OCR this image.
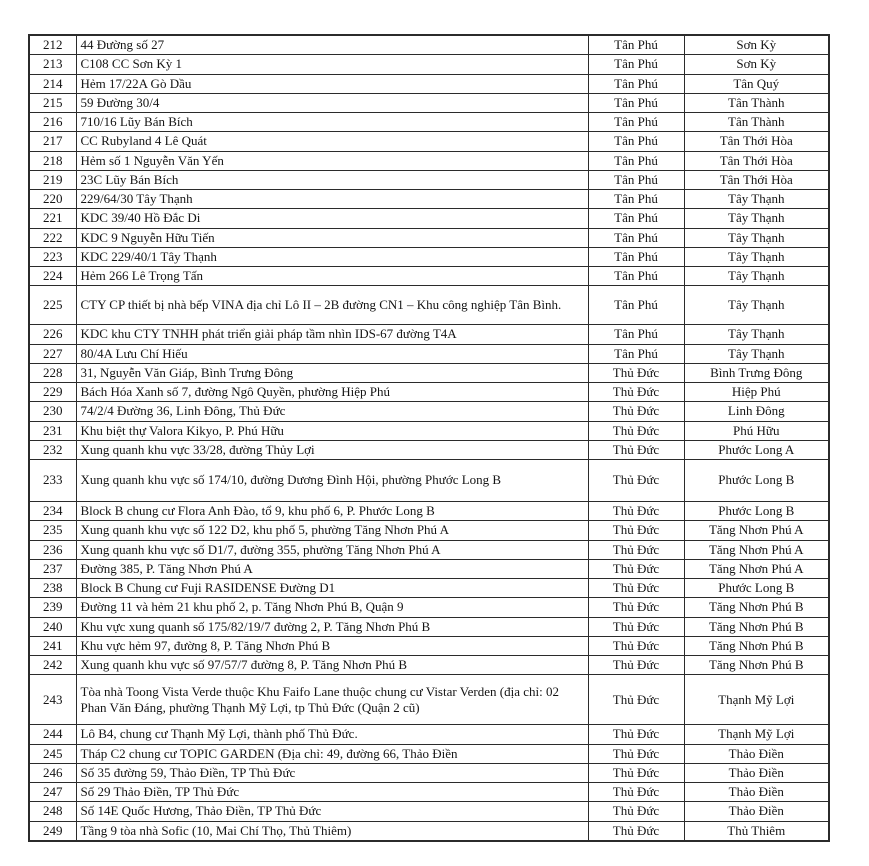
212	44 Đường số 27	Tân Phú	Sơn Kỳ
213	C108 CC Sơn Kỳ 1	Tân Phú	Sơn Kỳ
214	Hẻm 17/22A Gò Dầu	Tân Phú	Tân Quý
215	59 Đường 30/4	Tân Phú	Tân Thành
216	710/16 Lũy Bán Bích	Tân Phú	Tân Thành
217	CC Rubyland 4 Lê Quát	Tân Phú	Tân Thới Hòa
218	Hẻm số 1 Nguyễn Văn Yến	Tân Phú	Tân Thới Hòa
219	23C Lũy Bán Bích	Tân Phú	Tân Thới Hòa
220	229/64/30 Tây Thạnh	Tân Phú	Tây Thạnh
221	KDC 39/40 Hồ Đắc Di	Tân Phú	Tây Thạnh
222	KDC 9 Nguyễn Hữu Tiến	Tân Phú	Tây Thạnh
223	KDC 229/40/1 Tây Thạnh	Tân Phú	Tây Thạnh
224	Hẻm 266 Lê Trọng Tấn	Tân Phú	Tây Thạnh
225	CTY CP thiết bị nhà bếp VINA địa chỉ Lô II – 2B đường CN1 – Khu công nghiệp Tân Bình.	Tân Phú	Tây Thạnh
226	KDC khu CTY TNHH phát triển giải pháp tầm nhìn IDS-67 đường T4A	Tân Phú	Tây Thạnh
227	80/4A Lưu Chí Hiếu	Tân Phú	Tây Thạnh
228	31, Nguyễn Văn Giáp, Bình Trưng Đông	Thủ Đức	Bình Trưng Đông
229	Bách Hóa Xanh số 7, đường Ngô Quyền, phường Hiệp Phú	Thủ Đức	Hiệp Phú
230	74/2/4 Đường 36, Linh Đông, Thủ Đức	Thủ Đức	Linh Đông
231	Khu biệt thự Valora Kikyo, P. Phú Hữu	Thủ Đức	Phú Hữu
232	Xung quanh khu vực 33/28, đường Thủy Lợi	Thủ Đức	Phước Long A
233	Xung quanh khu vực số 174/10, đường Dương Đình Hội, phường Phước Long B	Thủ Đức	Phước Long B
234	Block B chung cư Flora Anh Đào, tổ 9, khu phố 6, P. Phước Long B	Thủ Đức	Phước Long B
235	Xung quanh khu vực số 122 D2, khu phố 5, phường Tăng Nhơn Phú A	Thủ Đức	Tăng Nhơn Phú A
236	Xung quanh khu vực số D1/7, đường 355, phường Tăng Nhơn Phú A	Thủ Đức	Tăng Nhơn Phú A
237	Đường 385, P. Tăng Nhơn Phú A	Thủ Đức	Tăng Nhơn Phú A
238	Block B Chung cư Fuji RASIDENSE Đường D1	Thủ Đức	Phước Long B
239	Đường 11 và hẻm 21 khu phố 2, p. Tăng Nhơn Phú B, Quận 9	Thủ Đức	Tăng Nhơn Phú B
240	Khu vực xung quanh số 175/82/19/7 đường 2, P. Tăng Nhơn Phú B	Thủ Đức	Tăng Nhơn Phú B
241	Khu vực hẻm 97, đường 8, P. Tăng Nhơn Phú B	Thủ Đức	Tăng Nhơn Phú B
242	Xung quanh khu vực số 97/57/7 đường 8, P. Tăng Nhơn Phú B	Thủ Đức	Tăng Nhơn Phú B
243	Tòa nhà Toong Vista Verde thuộc Khu Faifo Lane thuộc chung cư Vistar Verden (địa chỉ: 02 Phan Văn Đáng, phường Thạnh Mỹ Lợi, tp Thủ Đức (Quận 2 cũ)	Thủ Đức	Thạnh Mỹ Lợi
244	Lô B4, chung cư Thạnh Mỹ Lợi, thành phố Thủ Đức.	Thủ Đức	Thạnh Mỹ Lợi
245	Tháp C2 chung cư TOPIC GARDEN (Địa chỉ: 49, đường 66, Thảo Điền	Thủ Đức	Thảo Điền
246	Số 35 đường 59, Thảo Điền, TP Thủ Đức	Thủ Đức	Thảo Điền
247	Số 29 Thảo Điền, TP Thủ Đức	Thủ Đức	Thảo Điền
248	Số 14E Quốc Hương, Thảo Điền, TP Thủ Đức	Thủ Đức	Thảo Điền
249	Tầng 9 tòa nhà Sofic (10, Mai Chí Thọ, Thủ Thiêm)	Thủ Đức	Thủ Thiêm
